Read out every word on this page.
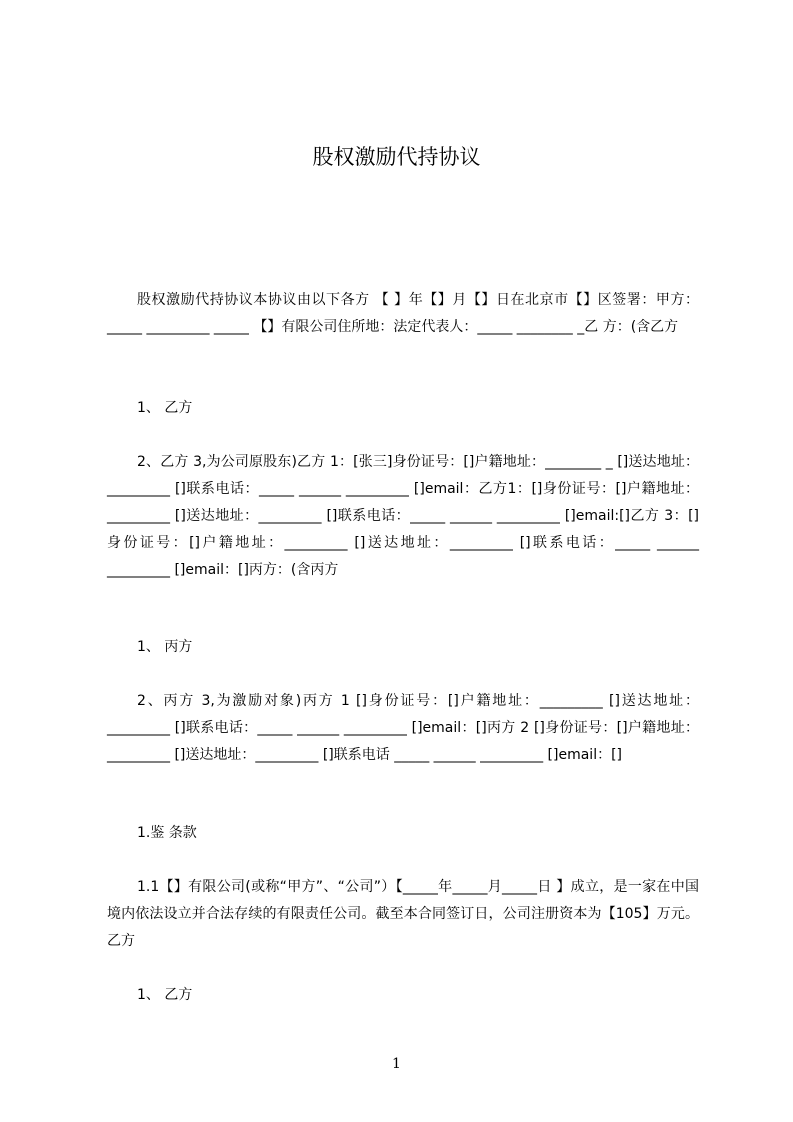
股权激励代持协议
股权激励代持协议本协议由以下各方 【 】年【】月【】日在北京市【】区签署：甲方：_____ _________ _____ 【】有限公司住所地：法定代表人：_____ ________ _乙 方：(含乙方
1、 乙方
2、乙方 3,为公司原股东)乙方 1：[张三]身份证号：[]户籍地址：________ _ []送达地址：_________ []联系电话：_____ ______ _________ []email：乙方1：[]身份证号：[]户籍地址：_________ []送达地址：_________ []联系电话：_____ ______ _________ []email:[]乙方 3：[]身份证号：[]户籍地址：_________ []送达地址：_________ []联系电话：_____ ______ _________ []email：[]丙方：(含丙方
1、 丙方
2、丙方 3,为激励对象)丙方 1 []身份证号：[]户籍地址：_________ []送达地址：_________ []联系电话：_____ ______ _________ []email：[]丙方 2 []身份证号：[]户籍地址：_________ []送达地址：_________ []联系电话 _____ ______ _________ []email：[]
1.鉴 条款
1.1【】有限公司(或称“甲方”、“公司”）【_____年_____月_____日 】成立，是一家在中国境内依法设立并合法存续的有限责任公司。截至本合同签订日，公司注册资本为【105】万元。乙方
1、 乙方
1
